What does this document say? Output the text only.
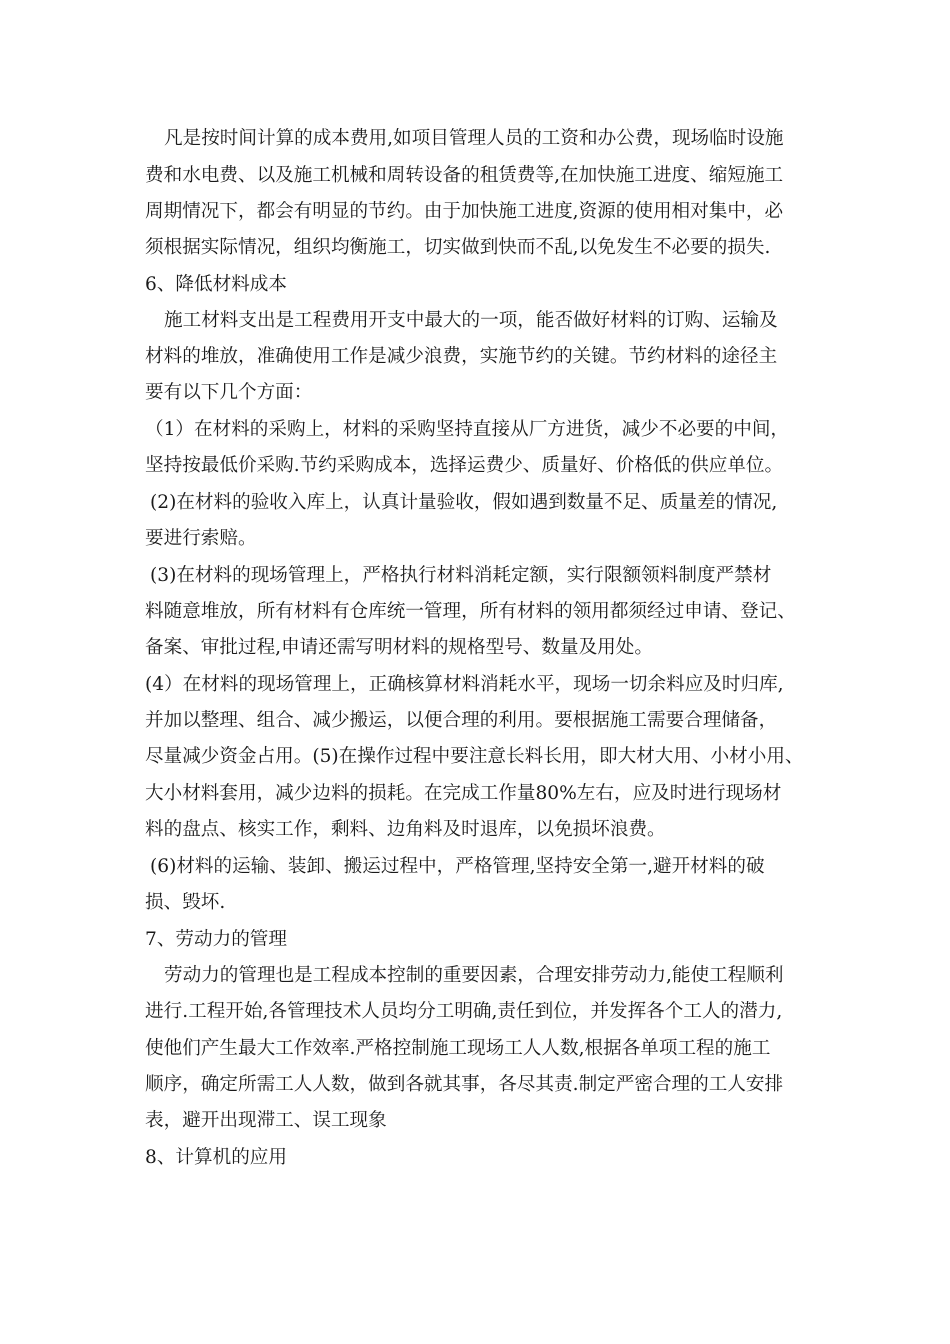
凡是按时间计算的成本费用,如项目管理人员的工资和办公费，现场临时设施
费和水电费、以及施工机械和周转设备的租赁费等,在加快施工进度、缩短施工
周期情况下，都会有明显的节约。由于加快施工进度,资源的使用相对集中，必
须根据实际情况，组织均衡施工，切实做到快而不乱,以免发生不必要的损失.
6、降低材料成本
施工材料支出是工程费用开支中最大的一项，能否做好材料的订购、运输及
材料的堆放，准确使用工作是减少浪费，实施节约的关键。节约材料的途径主
要有以下几个方面：
（1）在材料的采购上，材料的采购坚持直接从厂方进货，减少不必要的中间，
坚持按最低价采购.节约采购成本，选择运费少、质量好、价格低的供应单位。
(2)在材料的验收入库上，认真计量验收，假如遇到数量不足、质量差的情况,
要进行索赔。
(3)在材料的现场管理上，严格执行材料消耗定额，实行限额领料制度严禁材
料随意堆放，所有材料有仓库统一管理，所有材料的领用都须经过申请、登记、
备案、审批过程,申请还需写明材料的规格型号、数量及用处。
(4）在材料的现场管理上，正确核算材料消耗水平，现场一切余料应及时归库,
并加以整理、组合、减少搬运，以便合理的利用。要根据施工需要合理储备，
尽量减少资金占用。(5)在操作过程中要注意长料长用，即大材大用、小材小用、
大小材料套用，减少边料的损耗。在完成工作量80%左右，应及时进行现场材
料的盘点、核实工作，剩料、边角料及时退库，以免损坏浪费。
(6)材料的运输、装卸、搬运过程中，严格管理,坚持安全第一,避开材料的破
损、毁坏.
7、劳动力的管理
劳动力的管理也是工程成本控制的重要因素，合理安排劳动力,能使工程顺利
进行.工程开始,各管理技术人员均分工明确,责任到位，并发挥各个工人的潜力,
使他们产生最大工作效率.严格控制施工现场工人人数,根据各单项工程的施工
顺序，确定所需工人人数，做到各就其事，各尽其责.制定严密合理的工人安排
表，避开出现滞工、误工现象
8、计算机的应用
